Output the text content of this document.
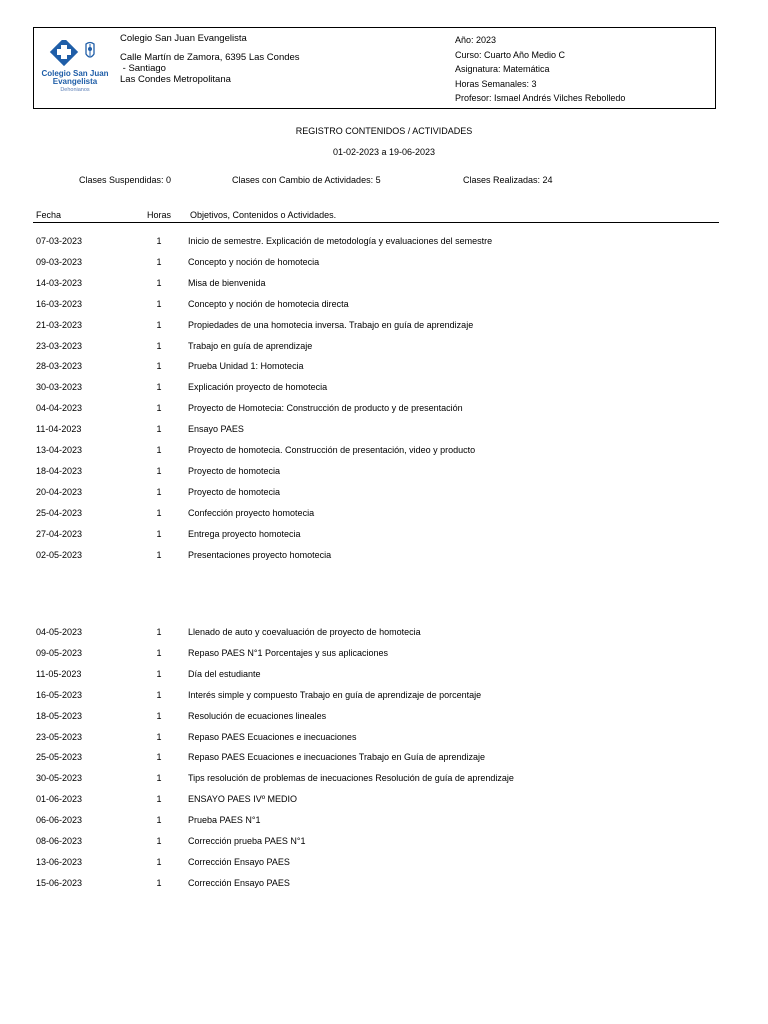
Colegio San Juan
Evangelista
Dehonianos
Colegio San Juan Evangelista
Calle Martín de Zamora, 6395 Las Condes
- Santiago
Las Condes Metropolitana
Año: 2023
Curso: Cuarto Año Medio C
Asignatura: Matemática
Horas Semanales: 3
Profesor: Ismael Andrés Vilches Rebolledo
REGISTRO CONTENIDOS / ACTIVIDADES
01-02-2023 a 19-06-2023
Clases Suspendidas: 0	Clases con Cambio de Actividades: 5	Clases Realizadas: 24
Fecha	Horas Objetivos, Contenidos o Actividades.
07-03-2023	1	Inicio de semestre. Explicación de metodología y evaluaciones del semestre
09-03-2023	1	Concepto y noción de homotecia
14-03-2023	1	Misa de bienvenida
16-03-2023	1	Concepto y noción de homotecia directa
21-03-2023	1	Propiedades de una homotecia inversa. Trabajo en guía de aprendizaje
23-03-2023	1	Trabajo en guía de aprendizaje
28-03-2023	1	Prueba Unidad 1: Homotecia
30-03-2023	1	Explicación proyecto de homotecia
04-04-2023	1	Proyecto de Homotecia: Construcción de producto y de presentación
11-04-2023	1	Ensayo PAES
13-04-2023	1	Proyecto de homotecia. Construcción de presentación, video y producto
18-04-2023	1	Proyecto de homotecia
20-04-2023	1	Proyecto de homotecia
25-04-2023	1	Confección proyecto homotecia
27-04-2023	1	Entrega proyecto homotecia
02-05-2023	1	Presentaciones proyecto homotecia
04-05-2023	1	Llenado de auto y coevaluación de proyecto de homotecia
09-05-2023	1	Repaso PAES N°1 Porcentajes y sus aplicaciones
11-05-2023	1	Día del estudiante
16-05-2023	1	Interés simple y compuesto Trabajo en guía de aprendizaje de porcentaje
18-05-2023	1	Resolución de ecuaciones lineales
23-05-2023	1	Repaso PAES Ecuaciones e inecuaciones
25-05-2023	1	Repaso PAES Ecuaciones e inecuaciones Trabajo en Guía de aprendizaje
30-05-2023	1	Tips resolución de problemas de inecuaciones Resolución de guía de aprendizaje
01-06-2023	1	ENSAYO PAES IVº MEDIO
06-06-2023	1	Prueba PAES N°1
08-06-2023	1	Corrección prueba PAES N°1
13-06-2023	1	Corrección Ensayo PAES
15-06-2023	1	Corrección Ensayo PAES
